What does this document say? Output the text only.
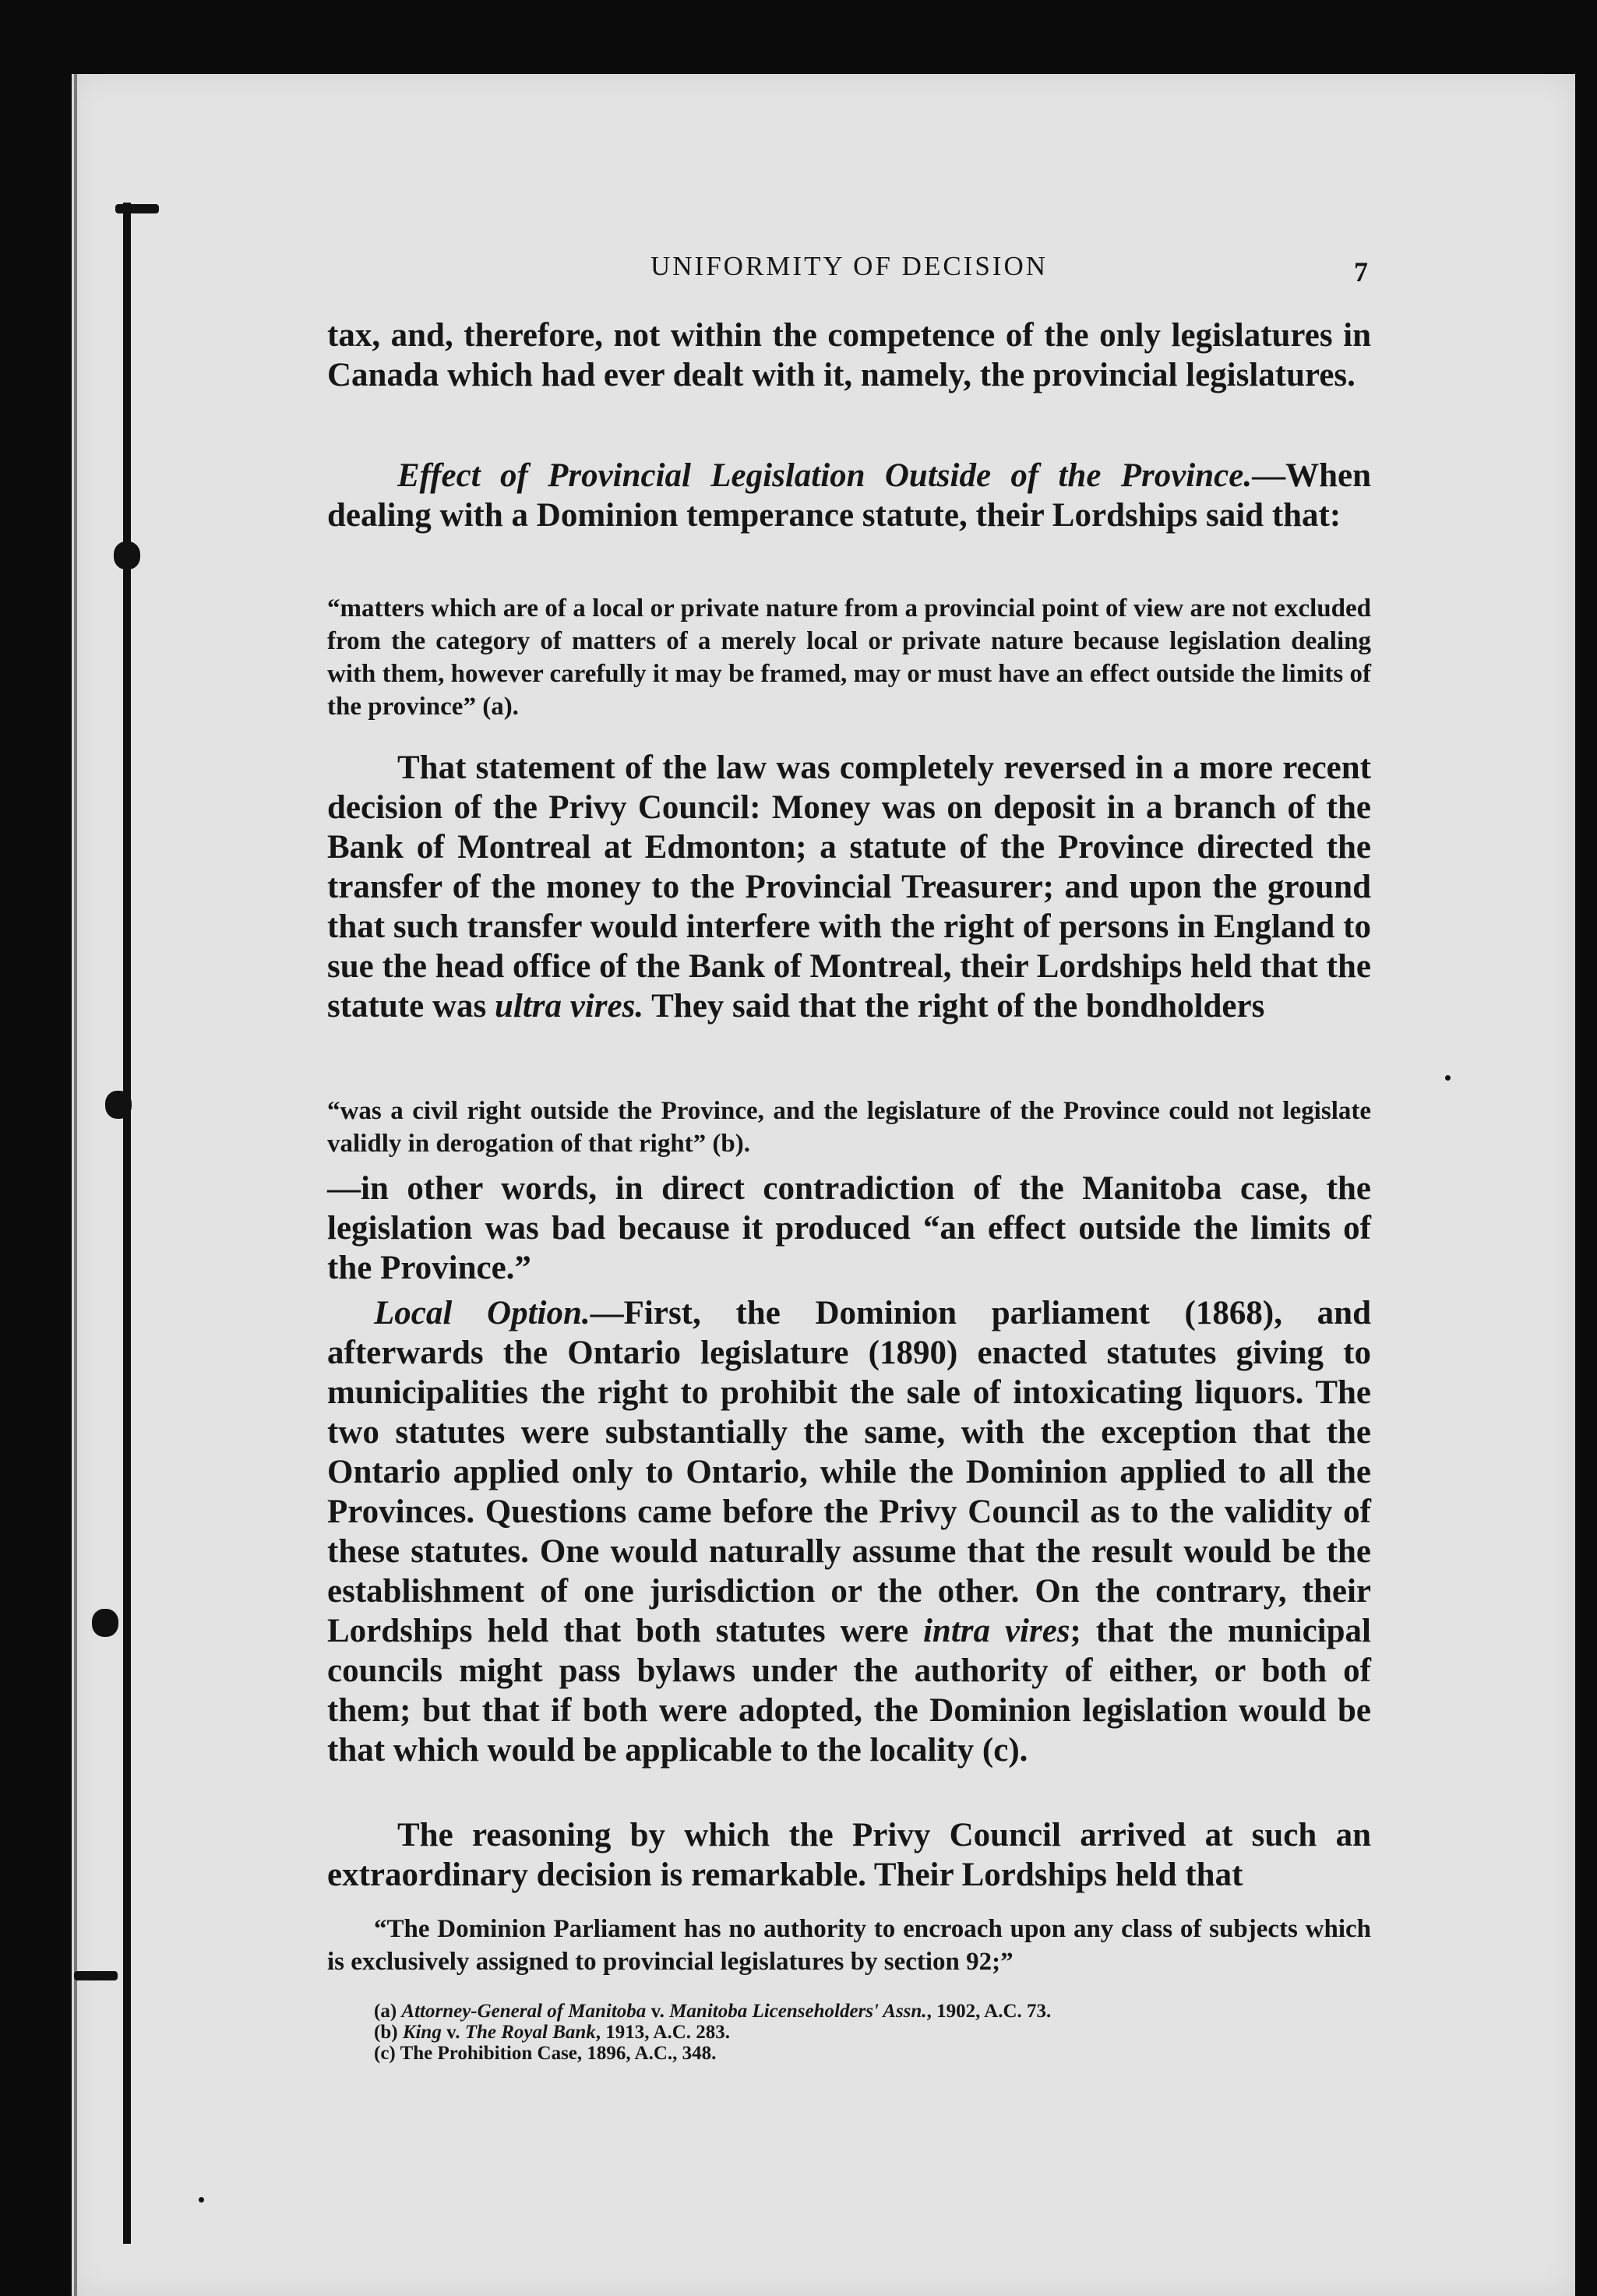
UNIFORMITY OF DECISION

tax, and, therefore, not within the competence of the only legislatures in Canada which had ever dealt with it, namely, the provincial legislatures.

Effect of Provincial Legislation Outside of the Province.—When dealing with a Dominion temperance statute, their Lordships said that:

“matters which are of a local or private nature from a provincial point of view are not excluded from the category of matters of a merely local or private nature because legislation dealing with them, however carefully it may be framed, may or must have an effect outside the limits of the province” (a).

That statement of the law was completely reversed in a more recent decision of the Privy Council: Money was on deposit in a branch of the Bank of Montreal at Edmonton; a statute of the Province directed the transfer of the money to the Provincial Treasurer; and upon the ground that such transfer would interfere with the right of persons in England to sue the head office of the Bank of Montreal, their Lordships held that the statute was ultra vires. They said that the right of the bondholders

“was a civil right outside the Province, and the legislature of the Province could not legislate validly in derogation of that right” (b).

—in other words, in direct contradiction of the Manitoba case, the legislation was bad because it produced “an effect outside the limits of the Province.”

Local Option.—First, the Dominion parliament (1868), and afterwards the Ontario legislature (1890) enacted statutes giving to municipalities the right to prohibit the sale of intoxicating liquors. The two statutes were substantially the same, with the exception that the Ontario applied only to Ontario, while the Dominion applied to all the Provinces. Questions came before the Privy Council as to the validity of these statutes. One would naturally assume that the result would be the establishment of one jurisdiction or the other. On the contrary, their Lordships held that both statutes were intra vires; that the municipal councils might pass bylaws under the authority of either, or both of them; but that if both were adopted, the Dominion legislation would be that which would be applicable to the locality (c).

The reasoning by which the Privy Council arrived at such an extraordinary decision is remarkable. Their Lordships held that

“The Dominion Parliament has no authority to encroach upon any class of subjects which is exclusively assigned to provincial legislatures by section 92;”

(a) Attorney-General of Manitoba v. Manitoba Licenseholders' Assn., 1902, A.C. 73.

(b) King v. The Royal Bank, 1913, A.C. 283.

(c) The Prohibition Case, 1896, A.C., 348.

7
